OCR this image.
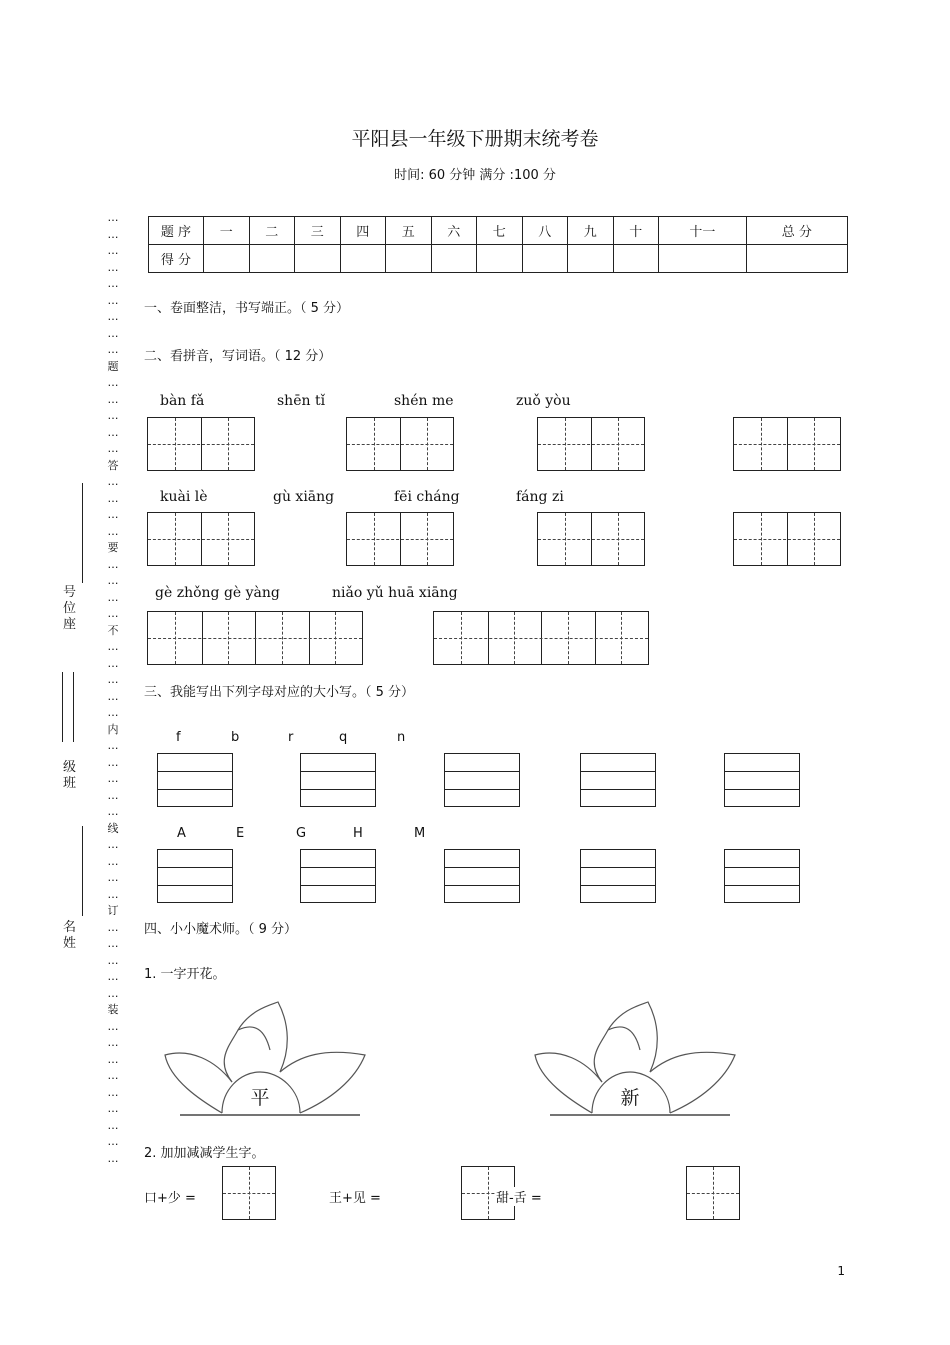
平阳县一年级下册期末统考卷
时间: 60 分钟 满分 :100 分
题 序	一	二	三	四	五	六	七	八	九	十	十一	总 分
得 分												
…
…
…
…
…
…
…
…
…
题
…
…
…
…
…
答
…
…
…
…
要
…
…
…
…
不
…
…
…
…
…
内
…
…
…
…
…
线
…
…
…
…
订
…
…
…
…
…
装
…
…
…
…
…
…
…
…
…
号
位
座
级
班
名
姓
一、卷面整洁，书写端正。（ 5 分）
二、看拼音，写词语。（ 12 分）
bàn fǎ	shēn tǐ	shén me	zuǒ yòu
kuài lè	gù xiāng	fēi cháng	fáng zi
gè zhǒng gè yàng	niǎo yǔ huā xiāng
三、我能写出下列字母对应的大小写。（ 5 分）
f	b	r	q	n
A	E	G	H	M
四、小小魔术师。（ 9 分）
1. 一字开花。
平	新
2. 加加减减学生字。
口+少 =	王+见 =	甜-舌 =
1
